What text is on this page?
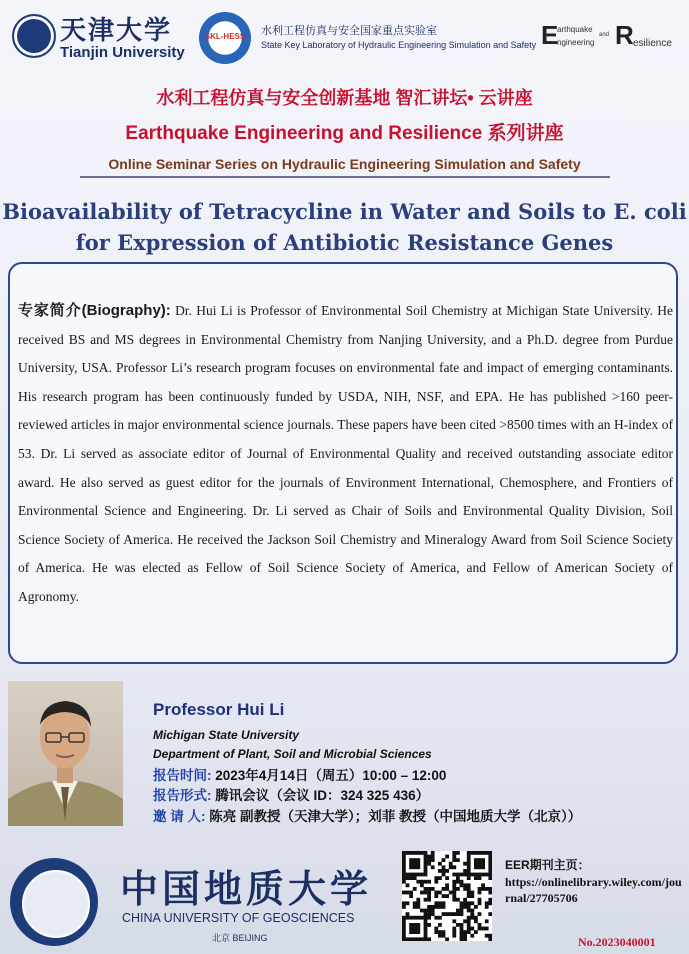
天津大学
Tianjin University
SKL-HESS	水利工程仿真与安全国家重点实验室
State Key Laboratory of Hydraulic Engineering Simulation and Safety E
arthquake
ngineering
and R esilience
水利工程仿真与安全创新基地 智汇讲坛• 云讲座
Earthquake Engineering and Resilience 系列讲座
Online Seminar Series on Hydraulic Engineering Simulation and Safety
Bioavailability of Tetracycline in Water and Soils to E. coli
for Expression of Antibiotic Resistance Genes
专家简介(Biography): Dr. Hui Li is Professor of Environmental Soil Chemistry at Michigan State University. He received BS and MS degrees in Environmental Chemistry from Nanjing University, and a Ph.D. degree from Purdue University, USA. Professor Li’s research program focuses on environmental fate and impact of emerging contaminants. His research program has been continuously funded by USDA, NIH, NSF, and EPA. He has published >160 peer-reviewed articles in major environmental science journals. These papers have been cited >8500 times with an H-index of 53. Dr. Li served as associate editor of Journal of Environmental Quality and received outstanding associate editor award. He also served as guest editor for the journals of Environment International, Chemosphere, and Frontiers of Environmental Science and Engineering. Dr. Li served as Chair of Soils and Environmental Quality Division, Soil Science Society of America. He received the Jackson Soil Chemistry and Mineralogy Award from Soil Science Society of America. He was elected as Fellow of Soil Science Society of America, and Fellow of American Society of Agronomy.
Professor Hui Li
Michigan State University
Department of Plant, Soil and Microbial Sciences
报告时间: 2023年4月14日（周五）10:00 – 12:00
报告形式: 腾讯会议（会议 ID：324 325 436）
邀 请 人: 陈亮 副教授（天津大学）；刘菲 教授（中国地质大学（北京））
中国地质大学
CHINA UNIVERSITY OF GEOSCIENCES
北京 BEIJING
EER期刊主页：
https://onlinelibrary.wiley.com/journal/27705706
No.2023040001
